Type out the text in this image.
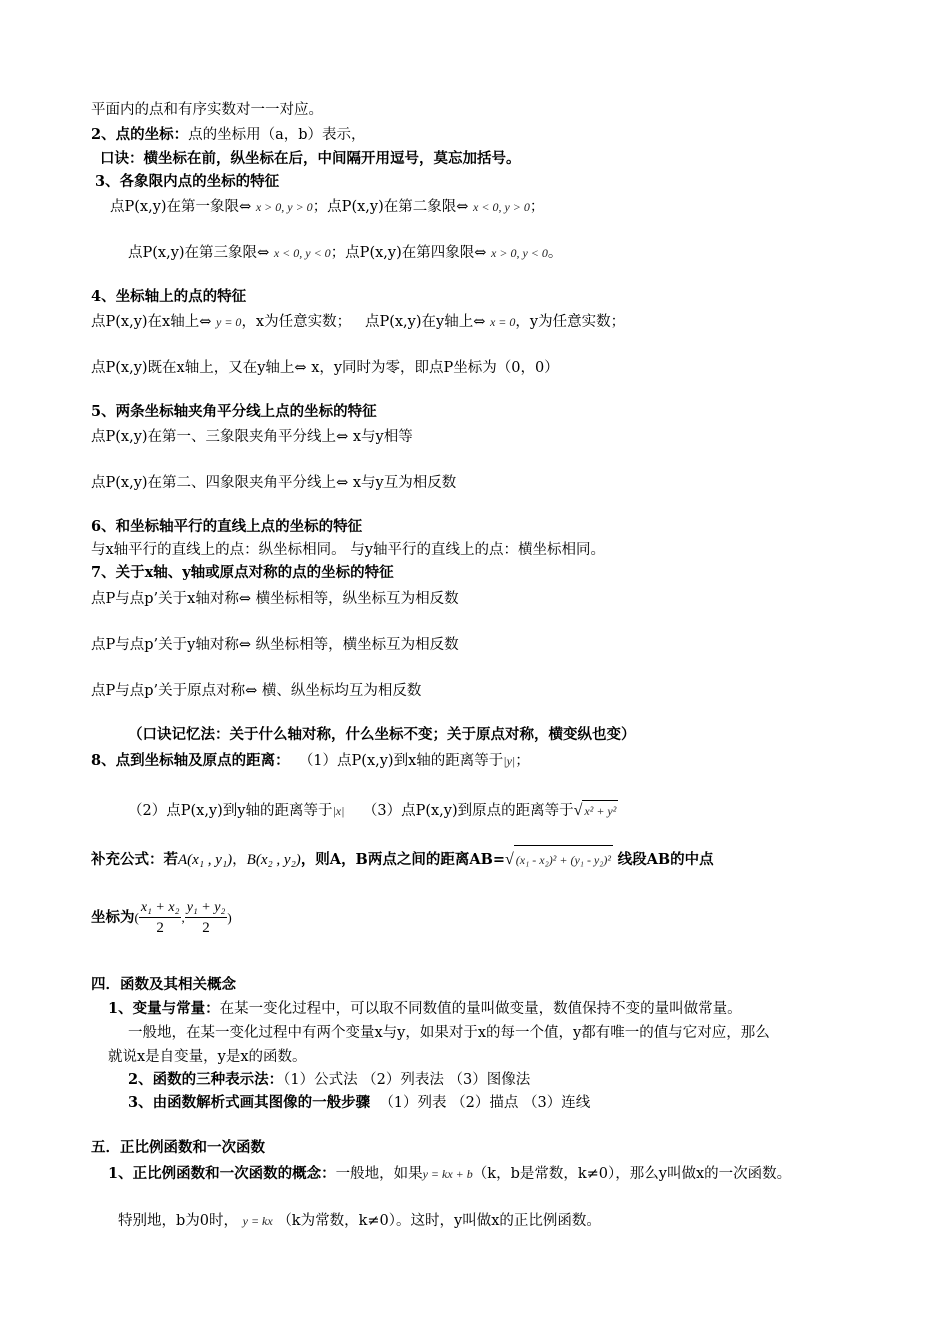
平面内的点和有序实数对一一对应。
2、点的坐标：点的坐标用（a，b）表示，
口诀：横坐标在前，纵坐标在后，中间隔开用逗号，莫忘加括号。
3、各象限内点的坐标的特征
点P(x,y)在第一象限⇔ x > 0, y > 0；点P(x,y)在第二象限⇔ x < 0, y > 0；
点P(x,y)在第三象限⇔ x < 0, y < 0；点P(x,y)在第四象限⇔ x > 0, y < 0。
4、坐标轴上的点的特征
点P(x,y)在x轴上⇔ y = 0，x为任意实数； 点P(x,y)在y轴上⇔ x = 0，y为任意实数；
点P(x,y)既在x轴上，又在y轴上⇔ x，y同时为零，即点P坐标为（0，0）
5、两条坐标轴夹角平分线上点的坐标的特征
点P(x,y)在第一、三象限夹角平分线上⇔ x与y相等
点P(x,y)在第二、四象限夹角平分线上⇔ x与y互为相反数
6、和坐标轴平行的直线上点的坐标的特征
与x轴平行的直线上的点：纵坐标相同。 与y轴平行的直线上的点：横坐标相同。
7、关于x轴、y轴或原点对称的点的坐标的特征
点P与点p’关于x轴对称⇔ 横坐标相等，纵坐标互为相反数
点P与点p’关于y轴对称⇔ 纵坐标相等，横坐标互为相反数
点P与点p’关于原点对称⇔ 横、纵坐标均互为相反数
（口诀记忆法：关于什么轴对称，什么坐标不变；关于原点对称，横变纵也变）
8、点到坐标轴及原点的距离： （1）点P(x,y)到x轴的距离等于|y|；
（2）点P(x,y)到y轴的距离等于|x| （3）点P(x,y)到原点的距离等于√ x² + y²
补充公式：若A(x₁ , y₁)，B(x₂ , y₂)，则A，B两点之间的距离AB=√ (x₁ - x₂)² + (y₁ - y₂)² 线段AB的中点
坐标为( $\frac{\text{x₁ + x₂}}{2}$ , $\frac{\text{y₁ + y₂}}{2}$ )
四．函数及其相关概念
1、变量与常量：在某一变化过程中，可以取不同数值的量叫做变量，数值保持不变的量叫做常量。
一般地，在某一变化过程中有两个变量x与y，如果对于x的每一个值，y都有唯一的值与它对应，那么
就说x是自变量，y是x的函数。
2、函数的三种表示法：（1）公式法 （2）列表法 （3）图像法
3、由函数解析式画其图像的一般步骤 （1）列表 （2）描点 （3）连线
五．正比例函数和一次函数
1、正比例函数和一次函数的概念：一般地，如果y = kx + b（k，b是常数，k≠0），那么y叫做x的一次函数。
特别地，b为0时， y = kx （k为常数，k≠0）。这时，y叫做x的正比例函数。
